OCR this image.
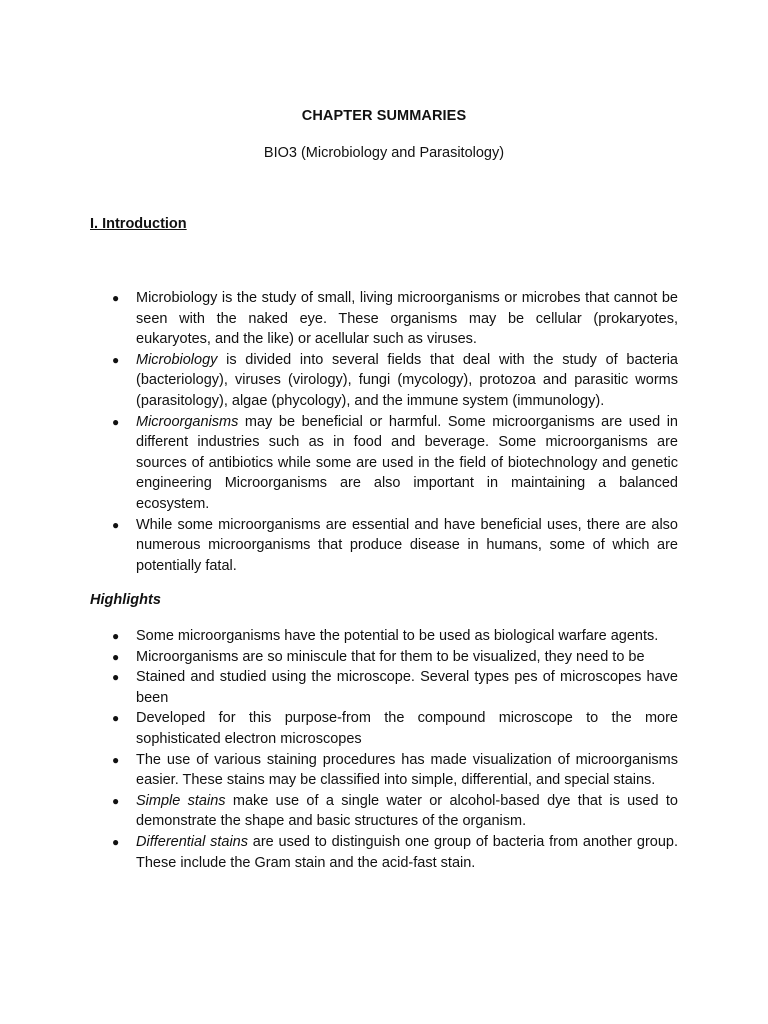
CHAPTER SUMMARIES
BIO3 (Microbiology and Parasitology)
I. Introduction
● Microbiology is the study of small, living microorganisms or microbes that cannot be seen with the naked eye. These organisms may be cellular (prokaryotes, eukaryotes, and the like) or acellular such as viruses.
● Microbiology is divided into several fields that deal with the study of bacteria (bacteriology), viruses (virology), fungi (mycology), protozoa and parasitic worms (parasitology), algae (phycology), and the immune system (immunology).
● Microorganisms may be beneficial or harmful. Some microorganisms are used in different industries such as in food and beverage. Some microorganisms are sources of antibiotics while some are used in the field of biotechnology and genetic engineering Microorganisms are also important in maintaining a balanced ecosystem.
● While some microorganisms are essential and have beneficial uses, there are also numerous microorganisms that produce disease in humans, some of which are potentially fatal.
Highlights
● Some microorganisms have the potential to be used as biological warfare agents.
● Microorganisms are so miniscule that for them to be visualized, they need to be
● Stained and studied using the microscope. Several types pes of microscopes have been
● Developed for this purpose-from the compound microscope to the more sophisticated electron microscopes
● The use of various staining procedures has made visualization of microorganisms easier. These stains may be classified into simple, differential, and special stains.
● Simple stains make use of a single water or alcohol-based dye that is used to demonstrate the shape and basic structures of the organism.
● Differential stains are used to distinguish one group of bacteria from another group. These include the Gram stain and the acid-fast stain.
